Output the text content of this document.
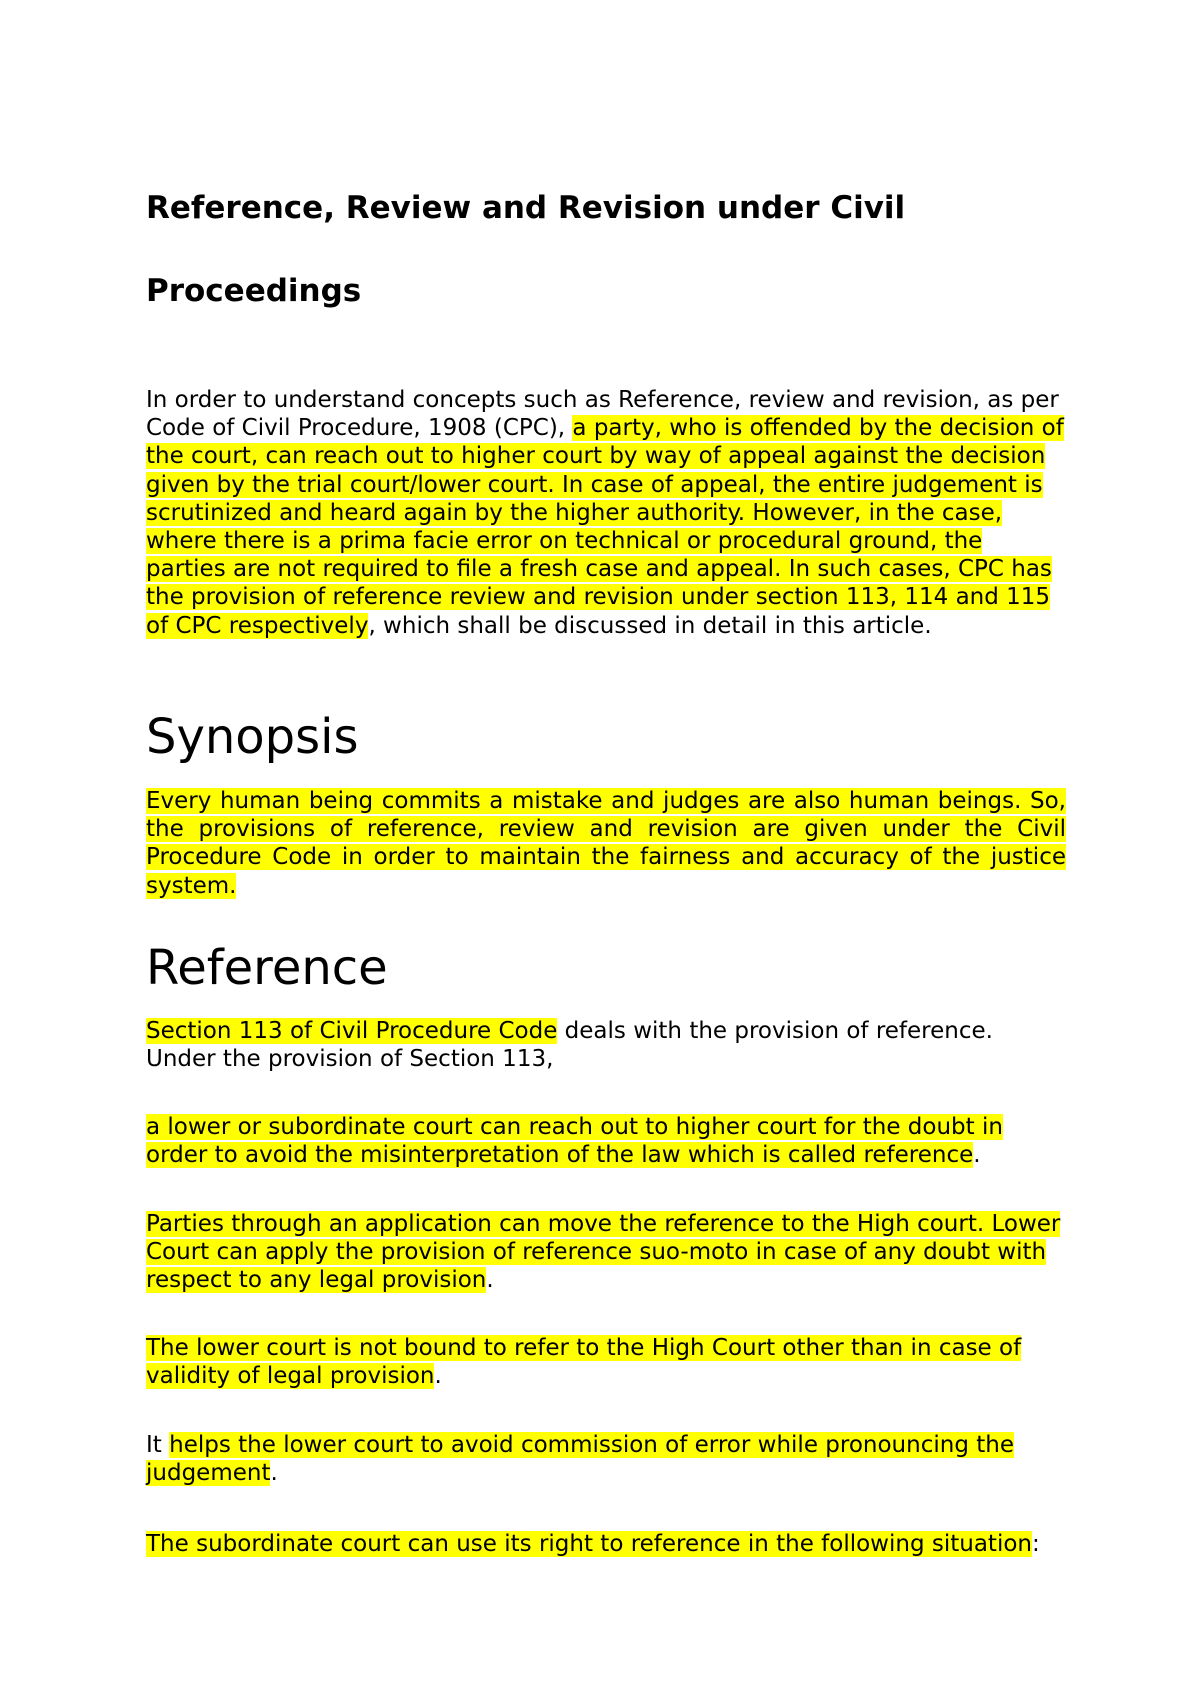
Reference, Review and Revision under Civil
Proceedings

In order to understand concepts such as Reference, review and revision, as per Code of Civil Procedure, 1908 (CPC), a party, who is offended by the decision of the court, can reach out to higher court by way of appeal against the decision given by the trial court/lower court. In case of appeal, the entire judgement is scrutinized and heard again by the higher authority. However, in the case, where there is a prima facie error on technical or procedural ground, the parties are not required to file a fresh case and appeal. In such cases, CPC has the provision of reference review and revision under section 113, 114 and 115 of CPC respectively, which shall be discussed in detail in this article.

Synopsis

Every human being commits a mistake and judges are also human beings. So, the provisions of reference, review and revision are given under the Civil Procedure Code in order to maintain the fairness and accuracy of the justice system.

Reference

Section 113 of Civil Procedure Code deals with the provision of reference. Under the provision of Section 113,

a lower or subordinate court can reach out to higher court for the doubt in order to avoid the misinterpretation of the law which is called reference.

Parties through an application can move the reference to the High court. Lower Court can apply the provision of reference suo-moto in case of any doubt with respect to any legal provision.

The lower court is not bound to refer to the High Court other than in case of validity of legal provision.

It helps the lower court to avoid commission of error while pronouncing the judgement.

The subordinate court can use its right to reference in the following situation:
